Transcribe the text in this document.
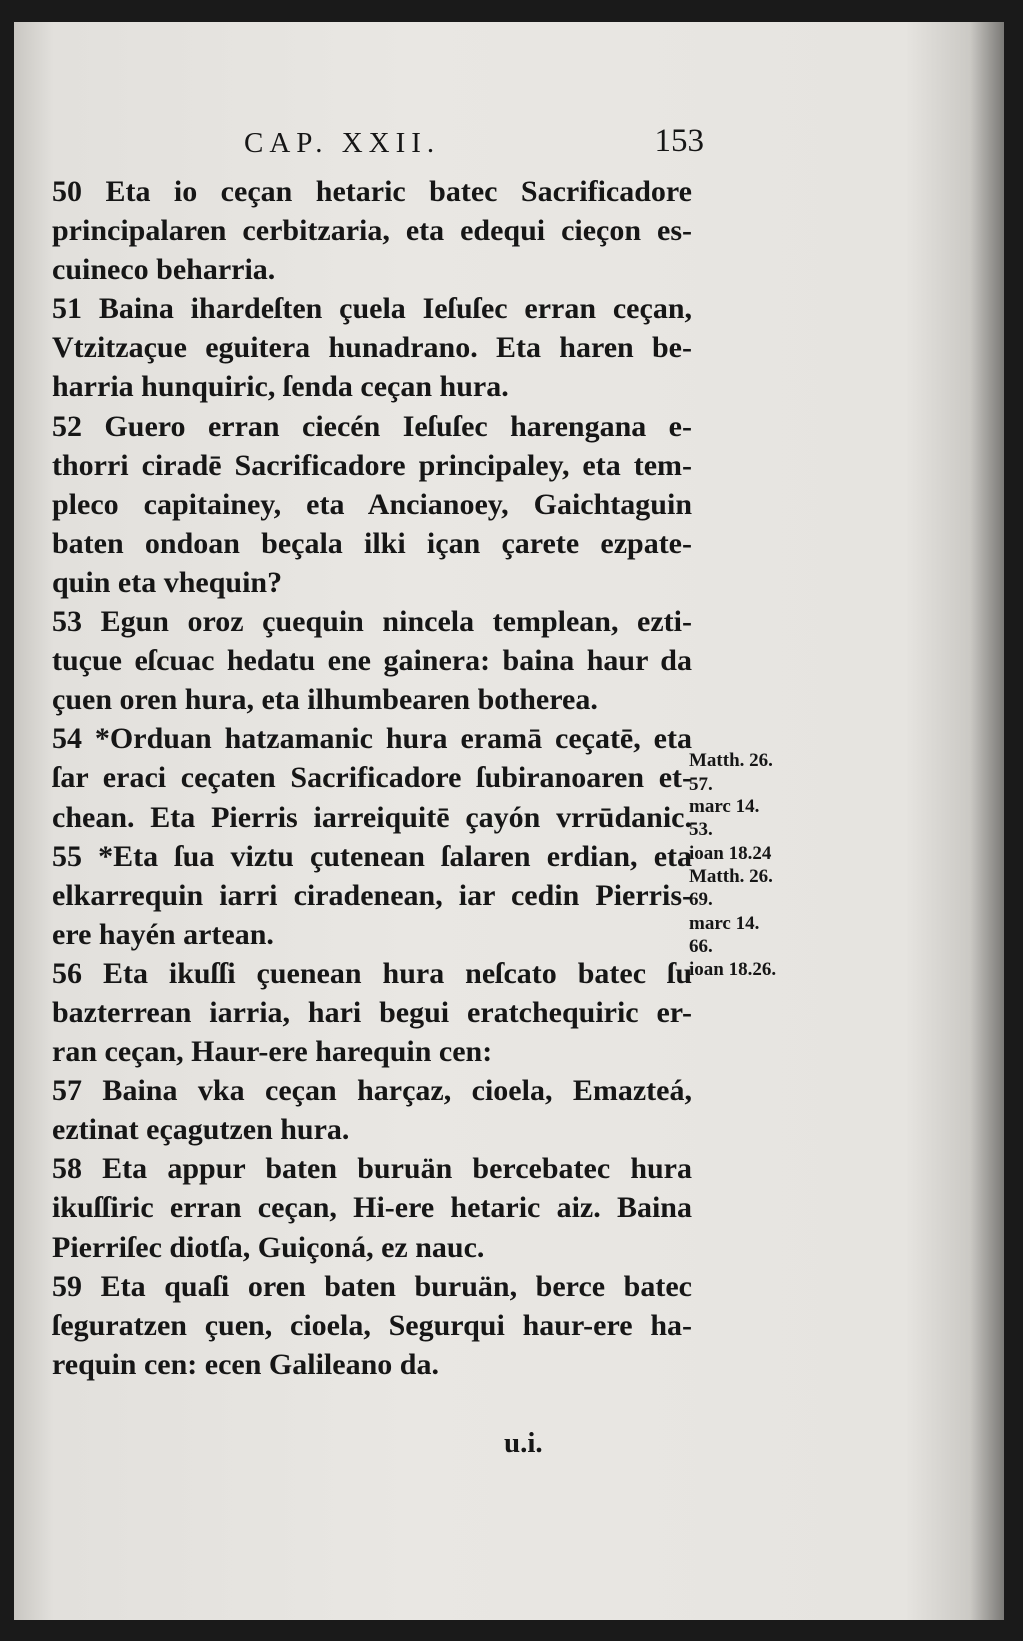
CAP. XXII.	153
50 Eta io ceçan hetaric batec Sacrificadore
principalaren cerbitzaria, eta edequi cieçon es-
cuineco beharria.
51 Baina ihardeſten çuela Ieſuſec erran ceçan,
Vtzitzaçue eguitera hunadrano. Eta haren be-
harria hunquiric, ſenda ceçan hura.
52 Guero erran ciecén Ieſuſec harengana e-
thorri ciradē Sacrificadore principaley, eta tem-
pleco capitainey, eta Ancianoey, Gaichtaguin
baten ondoan beçala ilki içan çarete ezpate-
quin eta vhequin?
53 Egun oroz çuequin nincela templean, ezti-
tuçue eſcuac hedatu ene gainera: baina haur da
çuen oren hura, eta ilhumbearen botherea.
54 *Orduan hatzamanic hura eramā ceçatē, eta
ſar eraci ceçaten Sacrificadore ſubiranoaren et-
chean. Eta Pierris iarreiquitē çayón vrrūdanic.
55 *Eta ſua viztu çutenean ſalaren erdian, eta
elkarrequin iarri ciradenean, iar cedin Pierris-
ere hayén artean.
56 Eta ikuſſi çuenean hura neſcato batec ſu
bazterrean iarria, hari begui eratchequiric er-
ran ceçan, Haur-ere harequin cen:
57 Baina vka ceçan harçaz, cioela, Emazteá,
eztinat eçagutzen hura.
58 Eta appur baten buruän bercebatec hura
ikuſſiric erran ceçan, Hi-ere hetaric aiz. Baina
Pierriſec diotſa, Guiçoná, ez nauc.
59 Eta quaſi oren baten buruän, berce batec
ſeguratzen çuen, cioela, Segurqui haur-ere ha-
requin cen: ecen Galileano da.
Matth. 26.
57.
marc 14.
53.
ioan 18.24
Matth. 26.
69.
marc 14.
66.
ioan 18.26.
u.i.
